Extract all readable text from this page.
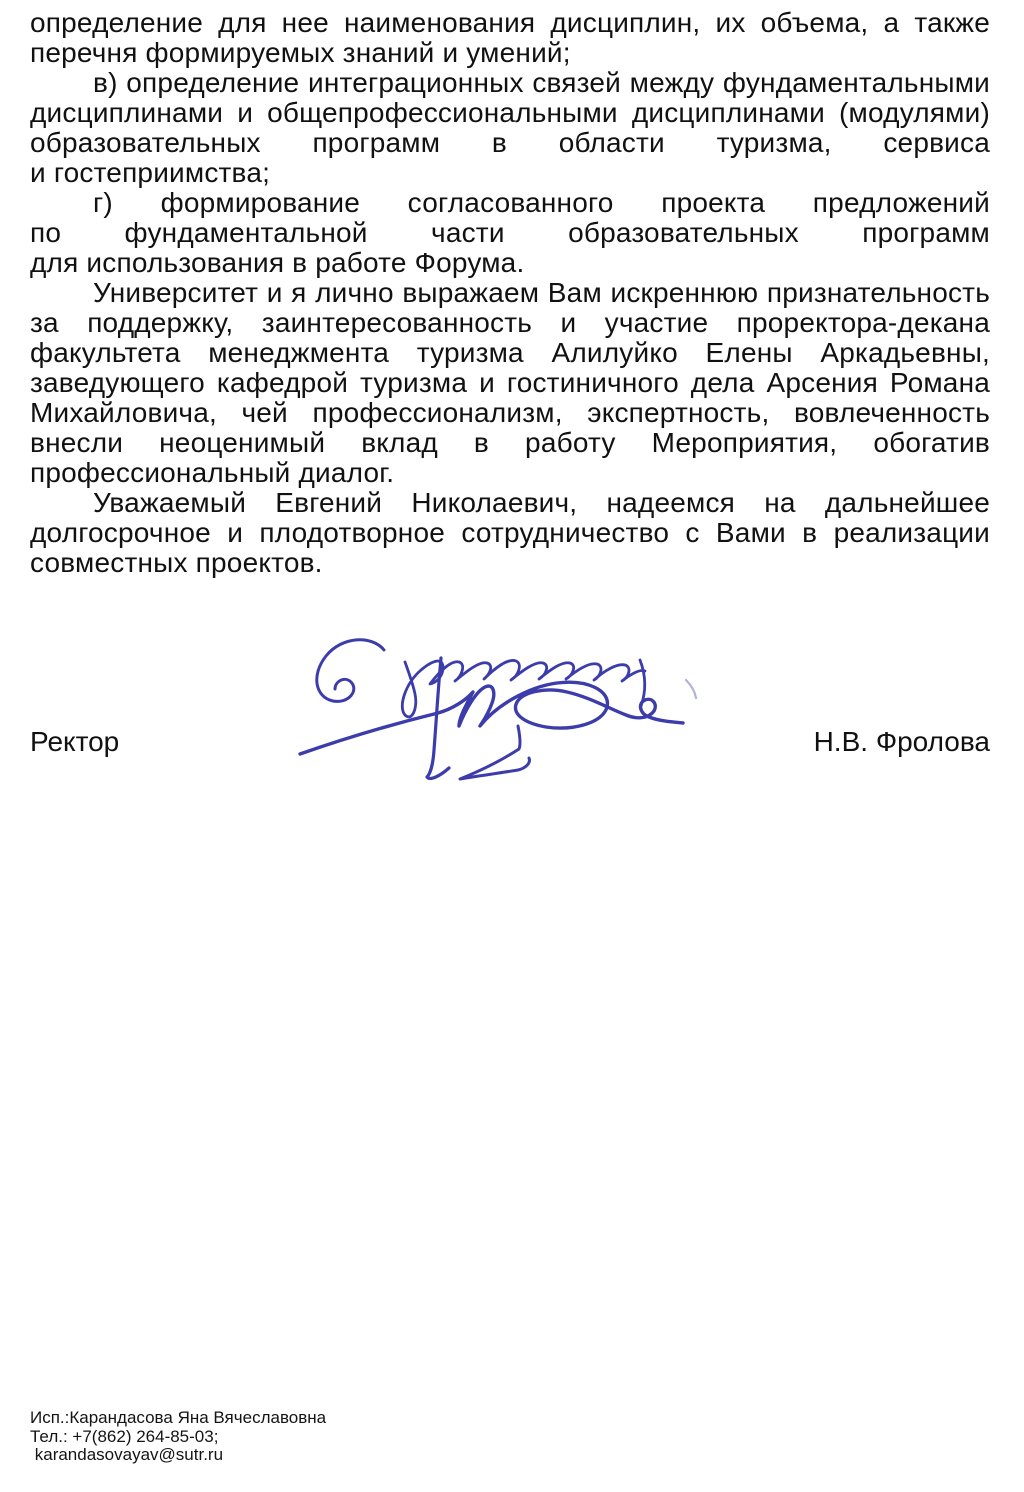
определение для нее наименования дисциплин, их объема, а также
перечня формируемых знаний и умений;
в) определение интеграционных связей между фундаментальными
дисциплинами и общепрофессиональными дисциплинами (модулями)
образовательных программ в области туризма, сервиса
и гостеприимства;
г) формирование согласованного проекта предложений
по фундаментальной части образовательных программ
для использования в работе Форума.
Университет и я лично выражаем Вам искреннюю признательность
за поддержку, заинтересованность и участие проректора-декана
факультета менеджмента туризма Алилуйко Елены Аркадьевны,
заведующего кафедрой туризма и гостиничного дела Арсения Романа
Михайловича, чей профессионализм, экспертность, вовлеченность
внесли неоценимый вклад в работу Мероприятия, обогатив
профессиональный диалог.
Уважаемый Евгений Николаевич, надеемся на дальнейшее
долгосрочное и плодотворное сотрудничество с Вами в реализации
совместных проектов.
Ректор	Н.В. Фролова
Исп.:Карандасова Яна Вячеславовна
Тел.: +7(862) 264-85-03;
karandasovayav@sutr.ru
